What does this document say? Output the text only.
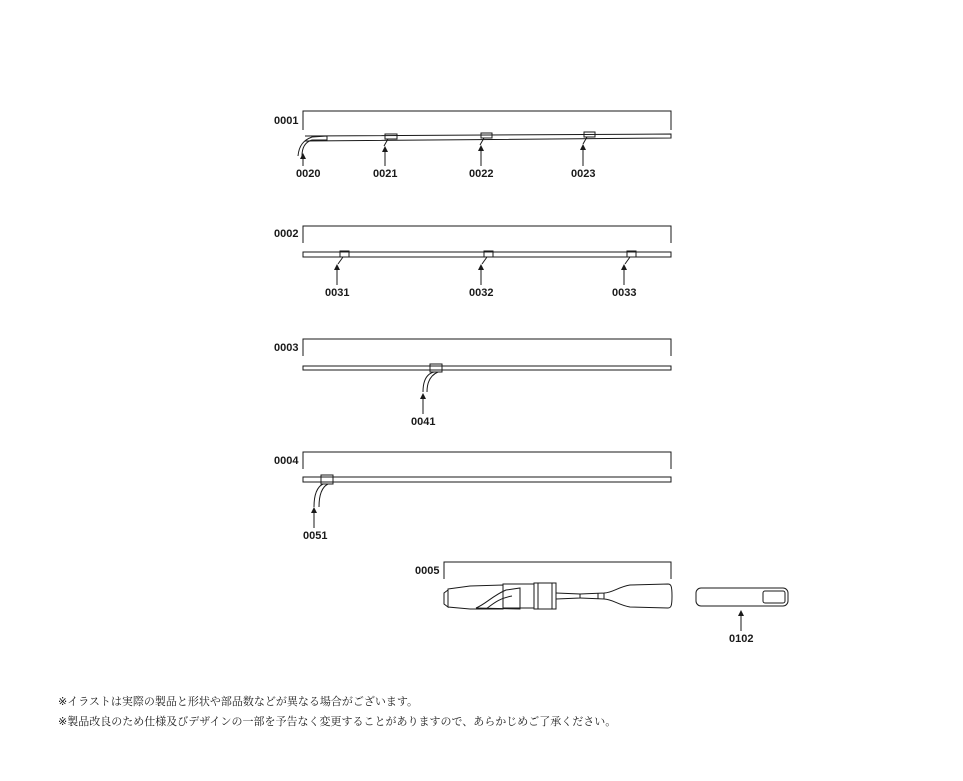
0001
0020	0021	0022	0023
0002
0031	0032	0033
0003
0041
0004
0051
0005
0102
※イラストは実際の製品と形状や部品数などが異なる場合がございます。
※製品改良のため仕様及びデザインの一部を予告なく変更することがありますので、あらかじめご了承ください。
